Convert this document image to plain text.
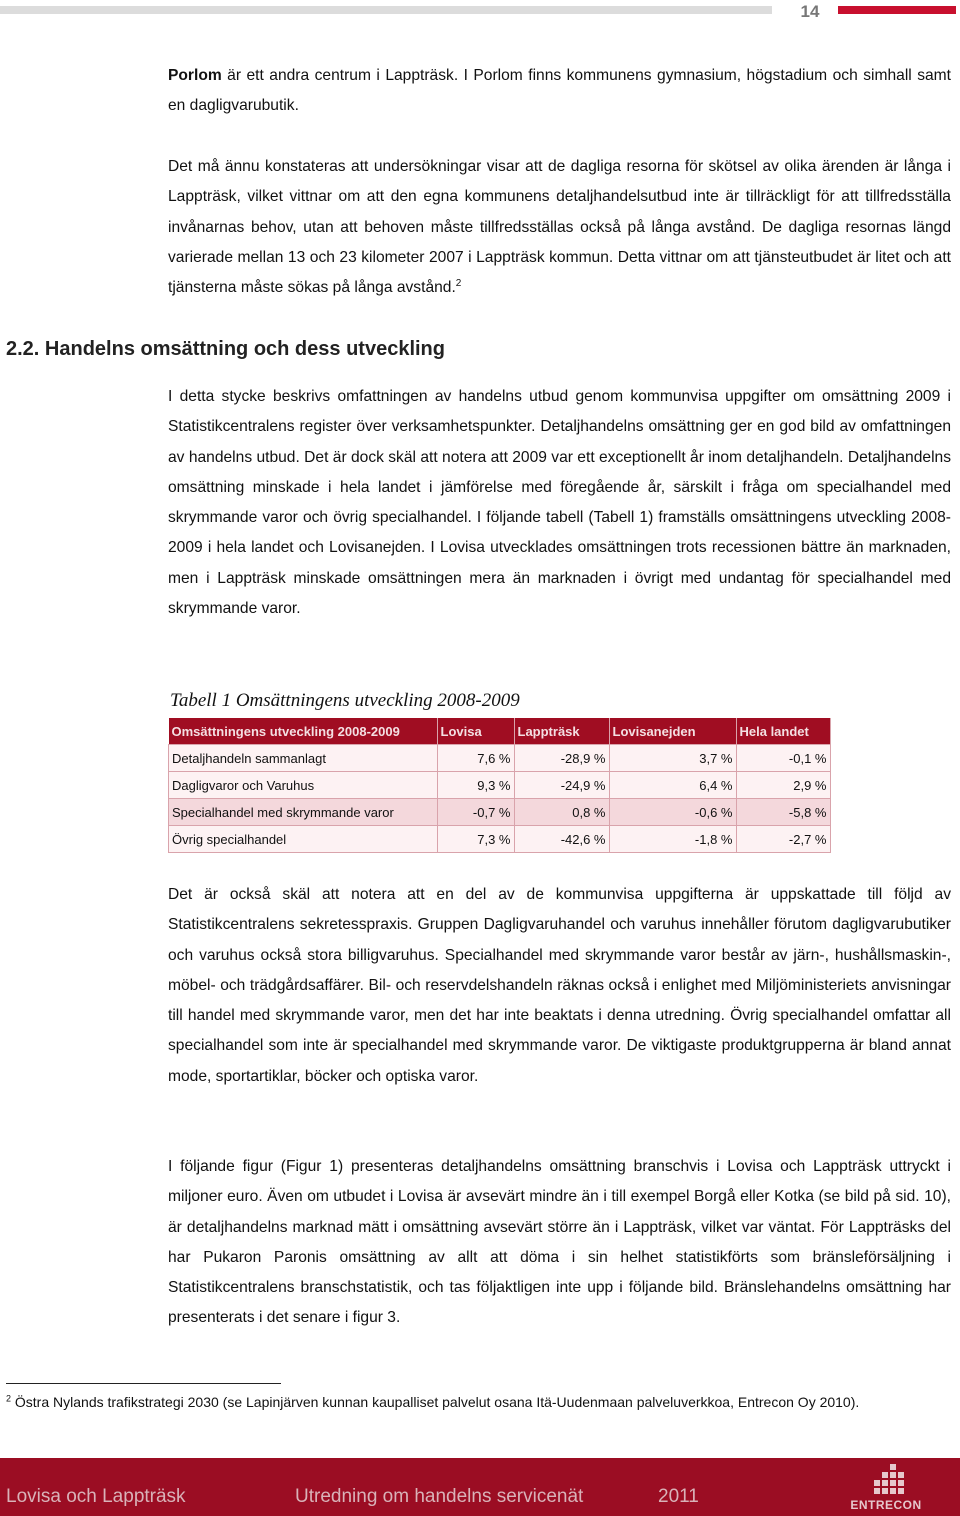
14

Porlom är ett andra centrum i Lappträsk. I Porlom finns kommunens gymnasium, högstadium och simhall samt en dagligvarubutik.

Det må ännu konstateras att undersökningar visar att de dagliga resorna för skötsel av olika ärenden är långa i Lappträsk, vilket vittnar om att den egna kommunens detaljhandelsutbud inte är tillräckligt för att tillfredsställa invånarnas behov, utan att behoven måste tillfredsställas också på långa avstånd. De dagliga resornas längd varierade mellan 13 och 23 kilometer 2007 i Lappträsk kommun. Detta vittnar om att tjänsteutbudet är litet och att tjänsterna måste sökas på långa avstånd.$^2$

2.2. Handelns omsättning och dess utveckling

I detta stycke beskrivs omfattningen av handelns utbud genom kommunvisa uppgifter om omsättning 2009 i Statistikcentralens register över verksamhetspunkter. Detaljhandelns omsättning ger en god bild av omfattningen av handelns utbud. Det är dock skäl att notera att 2009 var ett exceptionellt år inom detaljhandeln. Detaljhandelns omsättning minskade i hela landet i jämförelse med föregående år, särskilt i fråga om specialhandel med skrymmande varor och övrig specialhandel. I följande tabell (Tabell 1) framställs omsättningens utveckling 2008-2009 i hela landet och Lovisanejden. I Lovisa utvecklades omsättningen trots recessionen bättre än marknaden, men i Lappträsk minskade omsättningen mera än marknaden i övrigt med undantag för specialhandel med skrymmande varor.

Tabell 1 Omsättningens utveckling 2008-2009

Omsättningens utveckling 2008-2009	Lovisa	Lappträsk	Lovisanejden	Hela landet
Detaljhandeln sammanlagt	7,6 %	-28,9 %	3,7 %	-0,1 %
Dagligvaror och Varuhus	9,3 %	-24,9 %	6,4 %	2,9 %
Specialhandel med skrymmande varor	-0,7 %	0,8 %	-0,6 %	-5,8 %
Övrig specialhandel	7,3 %	-42,6 %	-1,8 %	-2,7 %

Det är också skäl att notera att en del av de kommunvisa uppgifterna är uppskattade till följd av Statistikcentralens sekretesspraxis. Gruppen Dagligvaruhandel och varuhus innehåller förutom dagligvarubutiker och varuhus också stora billigvaruhus. Specialhandel med skrymmande varor består av järn-, hushållsmaskin-, möbel- och trädgårdsaffärer. Bil- och reservdelshandeln räknas också i enlighet med Miljöministeriets anvisningar till handel med skrymmande varor, men det har inte beaktats i denna utredning. Övrig specialhandel omfattar all specialhandel som inte är specialhandel med skrymmande varor. De viktigaste produktgrupperna är bland annat mode, sportartiklar, böcker och optiska varor.

I följande figur (Figur 1) presenteras detaljhandelns omsättning branschvis i Lovisa och Lappträsk uttryckt i miljoner euro. Även om utbudet i Lovisa är avsevärt mindre än i till exempel Borgå eller Kotka (se bild på sid. 10), är detaljhandelns marknad mätt i omsättning avsevärt större än i Lappträsk, vilket var väntat. För Lappträsks del har Pukaron Paronis omsättning av allt att döma i sin helhet statistikförts som bränsleförsäljning i Statistikcentralens branschstatistik, och tas följaktligen inte upp i följande bild. Bränslehandelns omsättning har presenterats i det senare i figur 3.

$^2$ Östra Nylands trafikstrategi 2030 (se Lapinjärven kunnan kaupalliset palvelut osana Itä-Uudenmaan palveluverkkoa, Entrecon Oy 2010).

Lovisa och Lappträsk	Utredning om handelns servicenät	2011	ENTRECON
